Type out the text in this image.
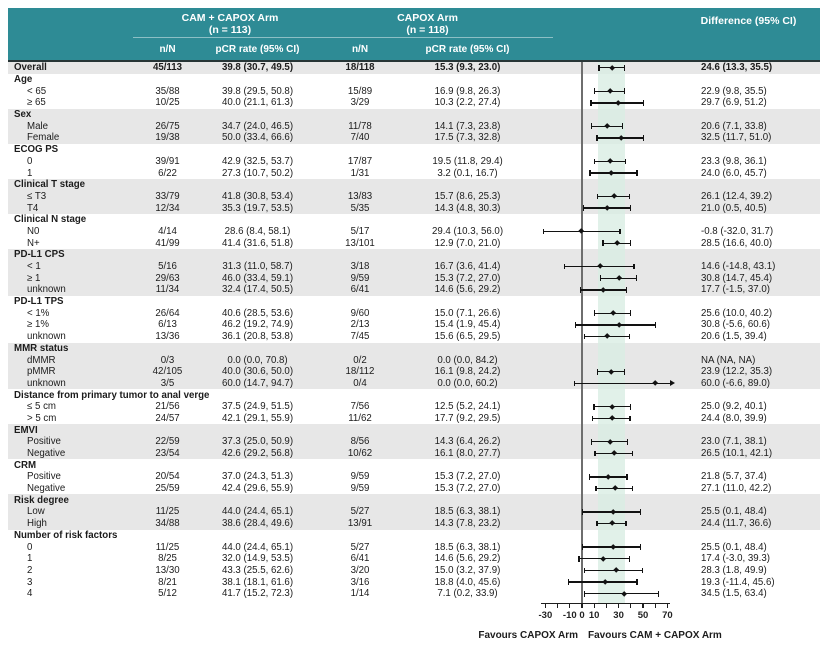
CAM + CAPOX Arm
(n = 113)
CAPOX Arm
(n = 118)
Difference (95% CI)
n/N	pCR rate (95% CI)	n/N	pCR rate (95% CI)
Overall	45/113	39.8 (30.7, 49.5)	18/118	15.3 (9.3, 23.0)	24.6 (13.3, 35.5)
Age
< 65	35/88	39.8 (29.5, 50.8)	15/89	16.9 (9.8, 26.3)	22.9 (9.8, 35.5)
≥ 65	10/25	40.0 (21.1, 61.3)	3/29	10.3 (2.2, 27.4)	29.7 (6.9, 51.2)
Sex
Male	26/75	34.7 (24.0, 46.5)	11/78	14.1 (7.3, 23.8)	20.6 (7.1, 33.8)
Female	19/38	50.0 (33.4, 66.6)	7/40	17.5 (7.3, 32.8)	32.5 (11.7, 51.0)
ECOG PS
0	39/91	42.9 (32.5, 53.7)	17/87	19.5 (11.8, 29.4)	23.3 (9.8, 36.1)
1	6/22	27.3 (10.7, 50.2)	1/31	3.2 (0.1, 16.7)	24.0 (6.0, 45.7)
Clinical T stage
≤ T3	33/79	41.8 (30.8, 53.4)	13/83	15.7 (8.6, 25.3)	26.1 (12.4, 39.2)
T4	12/34	35.3 (19.7, 53.5)	5/35	14.3 (4.8, 30.3)	21.0 (0.5, 40.5)
Clinical N stage
N0	4/14	28.6 (8.4, 58.1)	5/17	29.4 (10.3, 56.0)	-0.8 (-32.0, 31.7)
N+	41/99	41.4 (31.6, 51.8)	13/101	12.9 (7.0, 21.0)	28.5 (16.6, 40.0)
PD-L1 CPS
< 1	5/16	31.3 (11.0, 58.7)	3/18	16.7 (3.6, 41.4)	14.6 (-14.8, 43.1)
≥ 1	29/63	46.0 (33.4, 59.1)	9/59	15.3 (7.2, 27.0)	30.8 (14.7, 45.4)
unknown	11/34	32.4 (17.4, 50.5)	6/41	14.6 (5.6, 29.2)	17.7 (-1.5, 37.0)
PD-L1 TPS
< 1%	26/64	40.6 (28.5, 53.6)	9/60	15.0 (7.1, 26.6)	25.6 (10.0, 40.2)
≥ 1%	6/13	46.2 (19.2, 74.9)	2/13	15.4 (1.9, 45.4)	30.8 (-5.6, 60.6)
unknown	13/36	36.1 (20.8, 53.8)	7/45	15.6 (6.5, 29.5)	20.6 (1.5, 39.4)
MMR status
dMMR	0/3	0.0 (0.0, 70.8)	0/2	0.0 (0.0, 84.2)	NA (NA, NA)
pMMR	42/105	40.0 (30.6, 50.0)	18/112	16.1 (9.8, 24.2)	23.9 (12.2, 35.3)
unknown	3/5	60.0 (14.7, 94.7)	0/4	0.0 (0.0, 60.2)	60.0 (-6.6, 89.0)
Distance from primary tumor to anal verge
≤ 5 cm	21/56	37.5 (24.9, 51.5)	7/56	12.5 (5.2, 24.1)	25.0 (9.2, 40.1)
> 5 cm	24/57	42.1 (29.1, 55.9)	11/62	17.7 (9.2, 29.5)	24.4 (8.0, 39.9)
EMVI
Positive	22/59	37.3 (25.0, 50.9)	8/56	14.3 (6.4, 26.2)	23.0 (7.1, 38.1)
Negative	23/54	42.6 (29.2, 56.8)	10/62	16.1 (8.0, 27.7)	26.5 (10.1, 42.1)
CRM
Positive	20/54	37.0 (24.3, 51.3)	9/59	15.3 (7.2, 27.0)	21.8 (5.7, 37.4)
Negative	25/59	42.4 (29.6, 55.9)	9/59	15.3 (7.2, 27.0)	27.1 (11.0, 42.2)
Risk degree
Low	11/25	44.0 (24.4, 65.1)	5/27	18.5 (6.3, 38.1)	25.5 (0.1, 48.4)
High	34/88	38.6 (28.4, 49.6)	13/91	14.3 (7.8, 23.2)	24.4 (11.7, 36.6)
Number of risk factors
0	11/25	44.0 (24.4, 65.1)	5/27	18.5 (6.3, 38.1)	25.5 (0.1, 48.4)
1	8/25	32.0 (14.9, 53.5)	6/41	14.6 (5.6, 29.2)	17.4 (-3.0, 39.3)
2	13/30	43.3 (25.5, 62.6)	3/20	15.0 (3.2, 37.9)	28.3 (1.8, 49.9)
3	8/21	38.1 (18.1, 61.6)	3/16	18.8 (4.0, 45.6)	19.3 (-11.4, 45.6)
4	5/12	41.7 (15.2, 72.3)	1/14	7.1 (0.2, 33.9)	34.5 (1.5, 63.4)
-30	-10 0 10	30	50	70
Favours CAPOX Arm Favours CAM + CAPOX Arm
